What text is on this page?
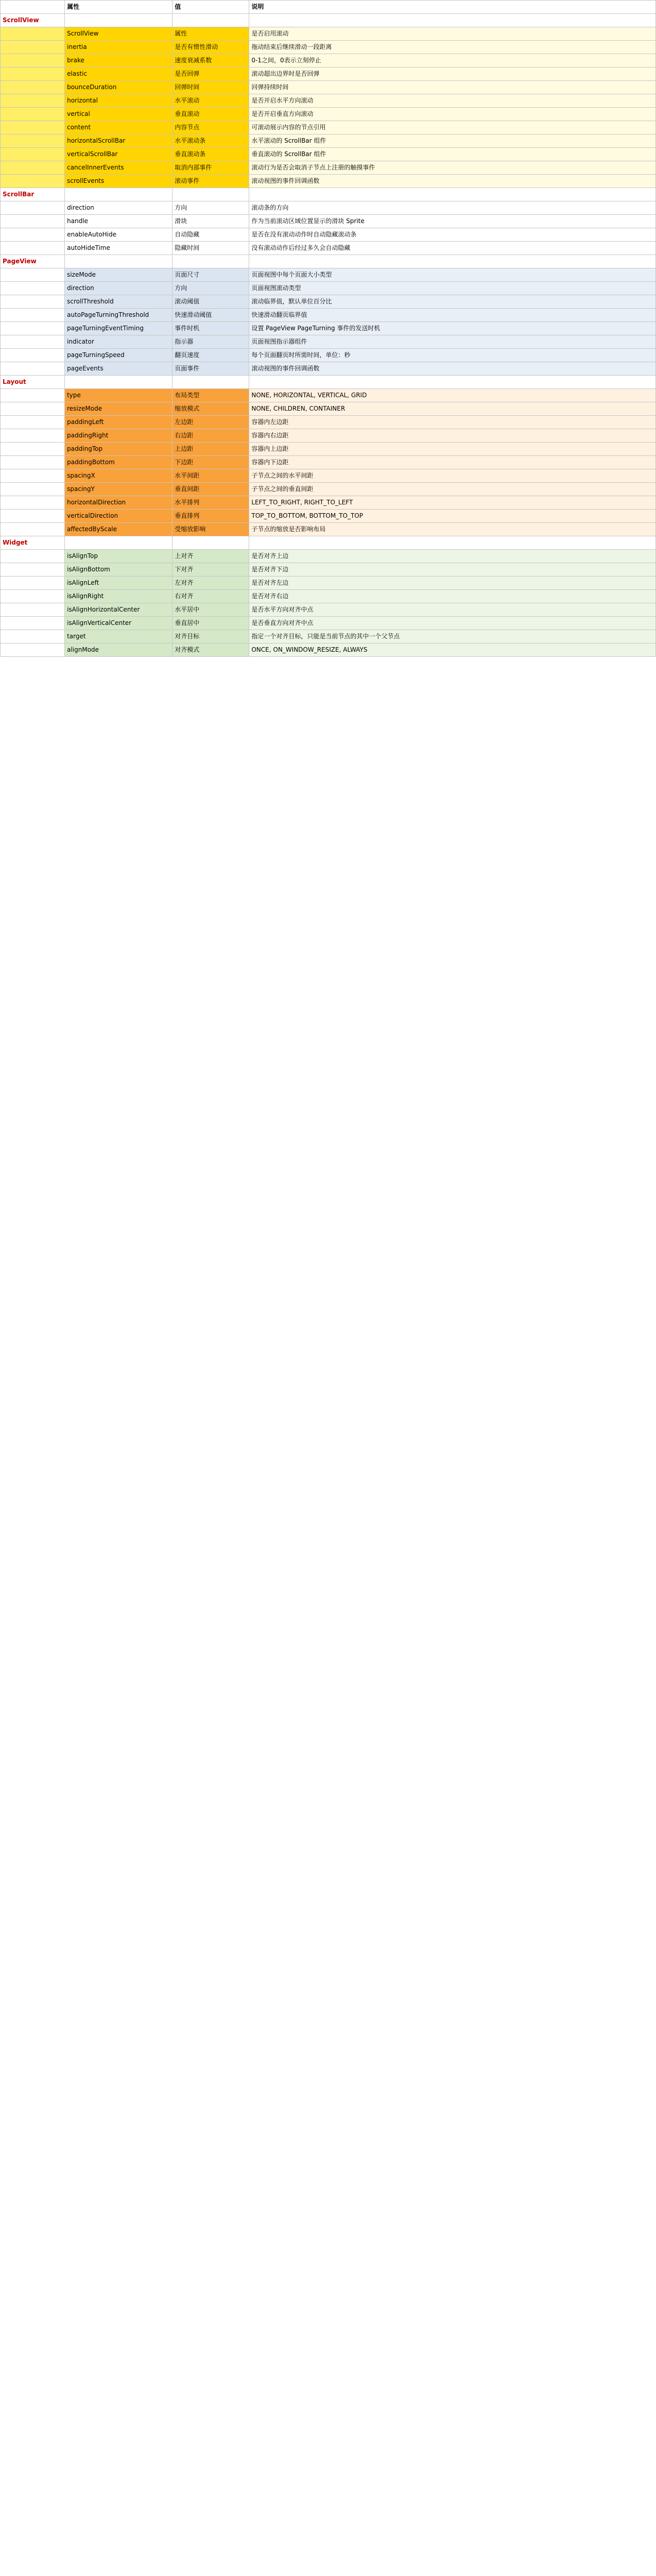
	属性	值	说明
ScrollView			
	ScrollView	属性	是否启用滚动
	inertia	是否有惯性滑动	拖动结束后继续滑动一段距离
	brake	速度衰减系数	0-1之间，0表示立刻停止
	elastic	是否回弹	滚动超出边界时是否回弹
	bounceDuration	回弹时间	回弹持续时间
	horizontal	水平滚动	是否开启水平方向滚动
	vertical	垂直滚动	是否开启垂直方向滚动
	content	内容节点	可滚动展示内容的节点引用
	horizontalScrollBar	水平滚动条	水平滚动的 ScrollBar 组件
	verticalScrollBar	垂直滚动条	垂直滚动的 ScrollBar 组件
	cancelInnerEvents	取消内部事件	滚动行为是否会取消子节点上注册的触摸事件
	scrollEvents	滚动事件	滚动视图的事件回调函数
ScrollBar			
	direction	方向	滚动条的方向
	handle	滑块	作为当前滚动区域位置显示的滑块 Sprite
	enableAutoHide	自动隐藏	是否在没有滚动动作时自动隐藏滚动条
	autoHideTime	隐藏时间	没有滚动动作后经过多久会自动隐藏
PageView			
	sizeMode	页面尺寸	页面视图中每个页面大小类型
	direction	方向	页面视图滚动类型
	scrollThreshold	滚动阈值	滚动临界值，默认单位百分比
	autoPageTurningThreshold	快速滑动阈值	快速滑动翻页临界值
	pageTurningEventTiming	事件时机	设置 PageView PageTurning 事件的发送时机
	indicator	指示器	页面视图指示器组件
	pageTurningSpeed	翻页速度	每个页面翻页时所需时间，单位：秒
	pageEvents	页面事件	滚动视图的事件回调函数
Layout			
	type	布局类型	NONE, HORIZONTAL, VERTICAL, GRID
	resizeMode	缩放模式	NONE, CHILDREN, CONTAINER
	paddingLeft	左边距	容器内左边距
	paddingRight	右边距	容器内右边距
	paddingTop	上边距	容器内上边距
	paddingBottom	下边距	容器内下边距
	spacingX	水平间距	子节点之间的水平间距
	spacingY	垂直间距	子节点之间的垂直间距
	horizontalDirection	水平排列	LEFT_TO_RIGHT, RIGHT_TO_LEFT
	verticalDirection	垂直排列	TOP_TO_BOTTOM, BOTTOM_TO_TOP
	affectedByScale	受缩放影响	子节点的缩放是否影响布局
Widget			
	isAlignTop	上对齐	是否对齐上边
	isAlignBottom	下对齐	是否对齐下边
	isAlignLeft	左对齐	是否对齐左边
	isAlignRight	右对齐	是否对齐右边
	isAlignHorizontalCenter	水平居中	是否水平方向对齐中点
	isAlignVerticalCenter	垂直居中	是否垂直方向对齐中点
	target	对齐目标	指定一个对齐目标，只能是当前节点的其中一个父节点
	alignMode	对齐模式	ONCE, ON_WINDOW_RESIZE, ALWAYS
